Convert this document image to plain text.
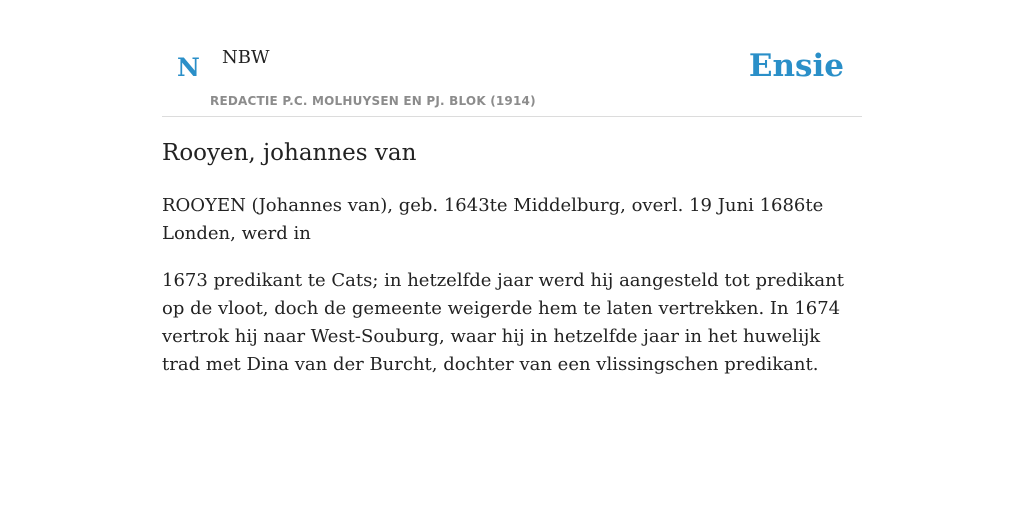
N NBW
REDACTIE P.C. MOLHUYSEN EN PJ. BLOK (1914)
Ensie
Rooyen, johannes van

ROOYEN (Johannes van), geb. 1643te Middelburg, overl. 19 Juni 1686te Londen, werd in

1673 predikant te Cats; in hetzelfde jaar werd hij aangesteld tot predikant op de vloot, doch de gemeente weigerde hem te laten vertrekken. In 1674 vertrok hij naar West-Souburg, waar hij in hetzelfde jaar in het huwelijk trad met Dina van der Burcht, dochter van een vlissingschen predikant.
